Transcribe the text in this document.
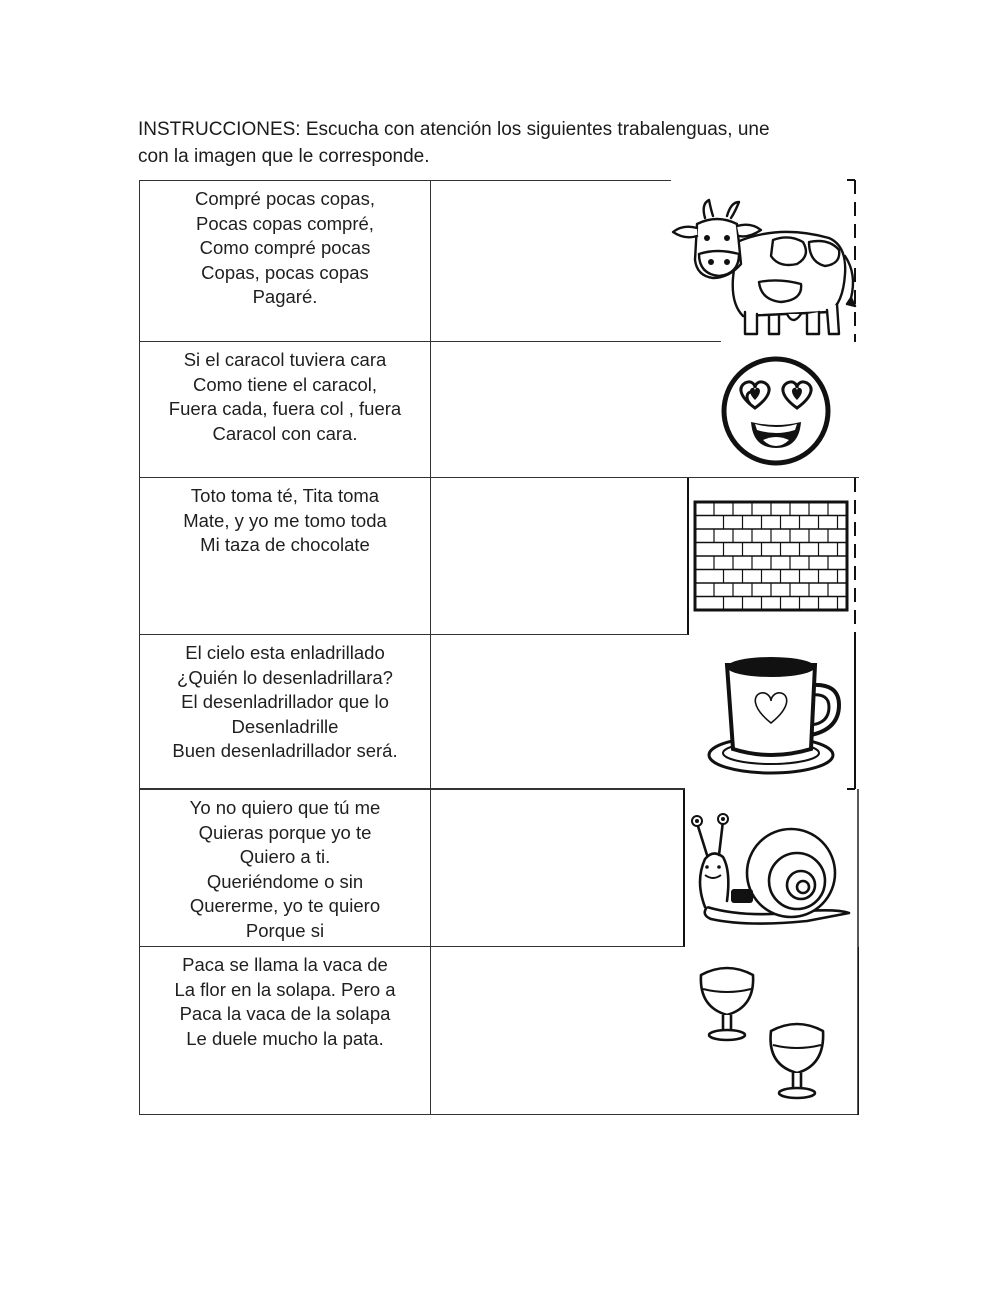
INSTRUCCIONES: Escucha con atención los siguientes trabalenguas, une
con la imagen que le corresponde.
Compré pocas copas,
Pocas copas compré,
Como compré pocas
Copas, pocas copas
Pagaré.
Si el caracol tuviera cara
Como tiene el caracol,
Fuera cada, fuera col , fuera
Caracol con cara.
Toto toma té, Tita toma
Mate, y yo me tomo toda
Mi taza de chocolate
El cielo esta enladrillado
¿Quién lo desenladrillara?
El desenladrillador que lo
Desenladrille
Buen desenladrillador será.
Yo no quiero que tú me
Quieras porque yo te
Quiero a ti.
Queriéndome o sin
Quererme, yo te quiero
Porque si
Paca se llama la vaca de
La flor en la solapa. Pero a
Paca la vaca de la solapa
Le duele mucho la pata.
